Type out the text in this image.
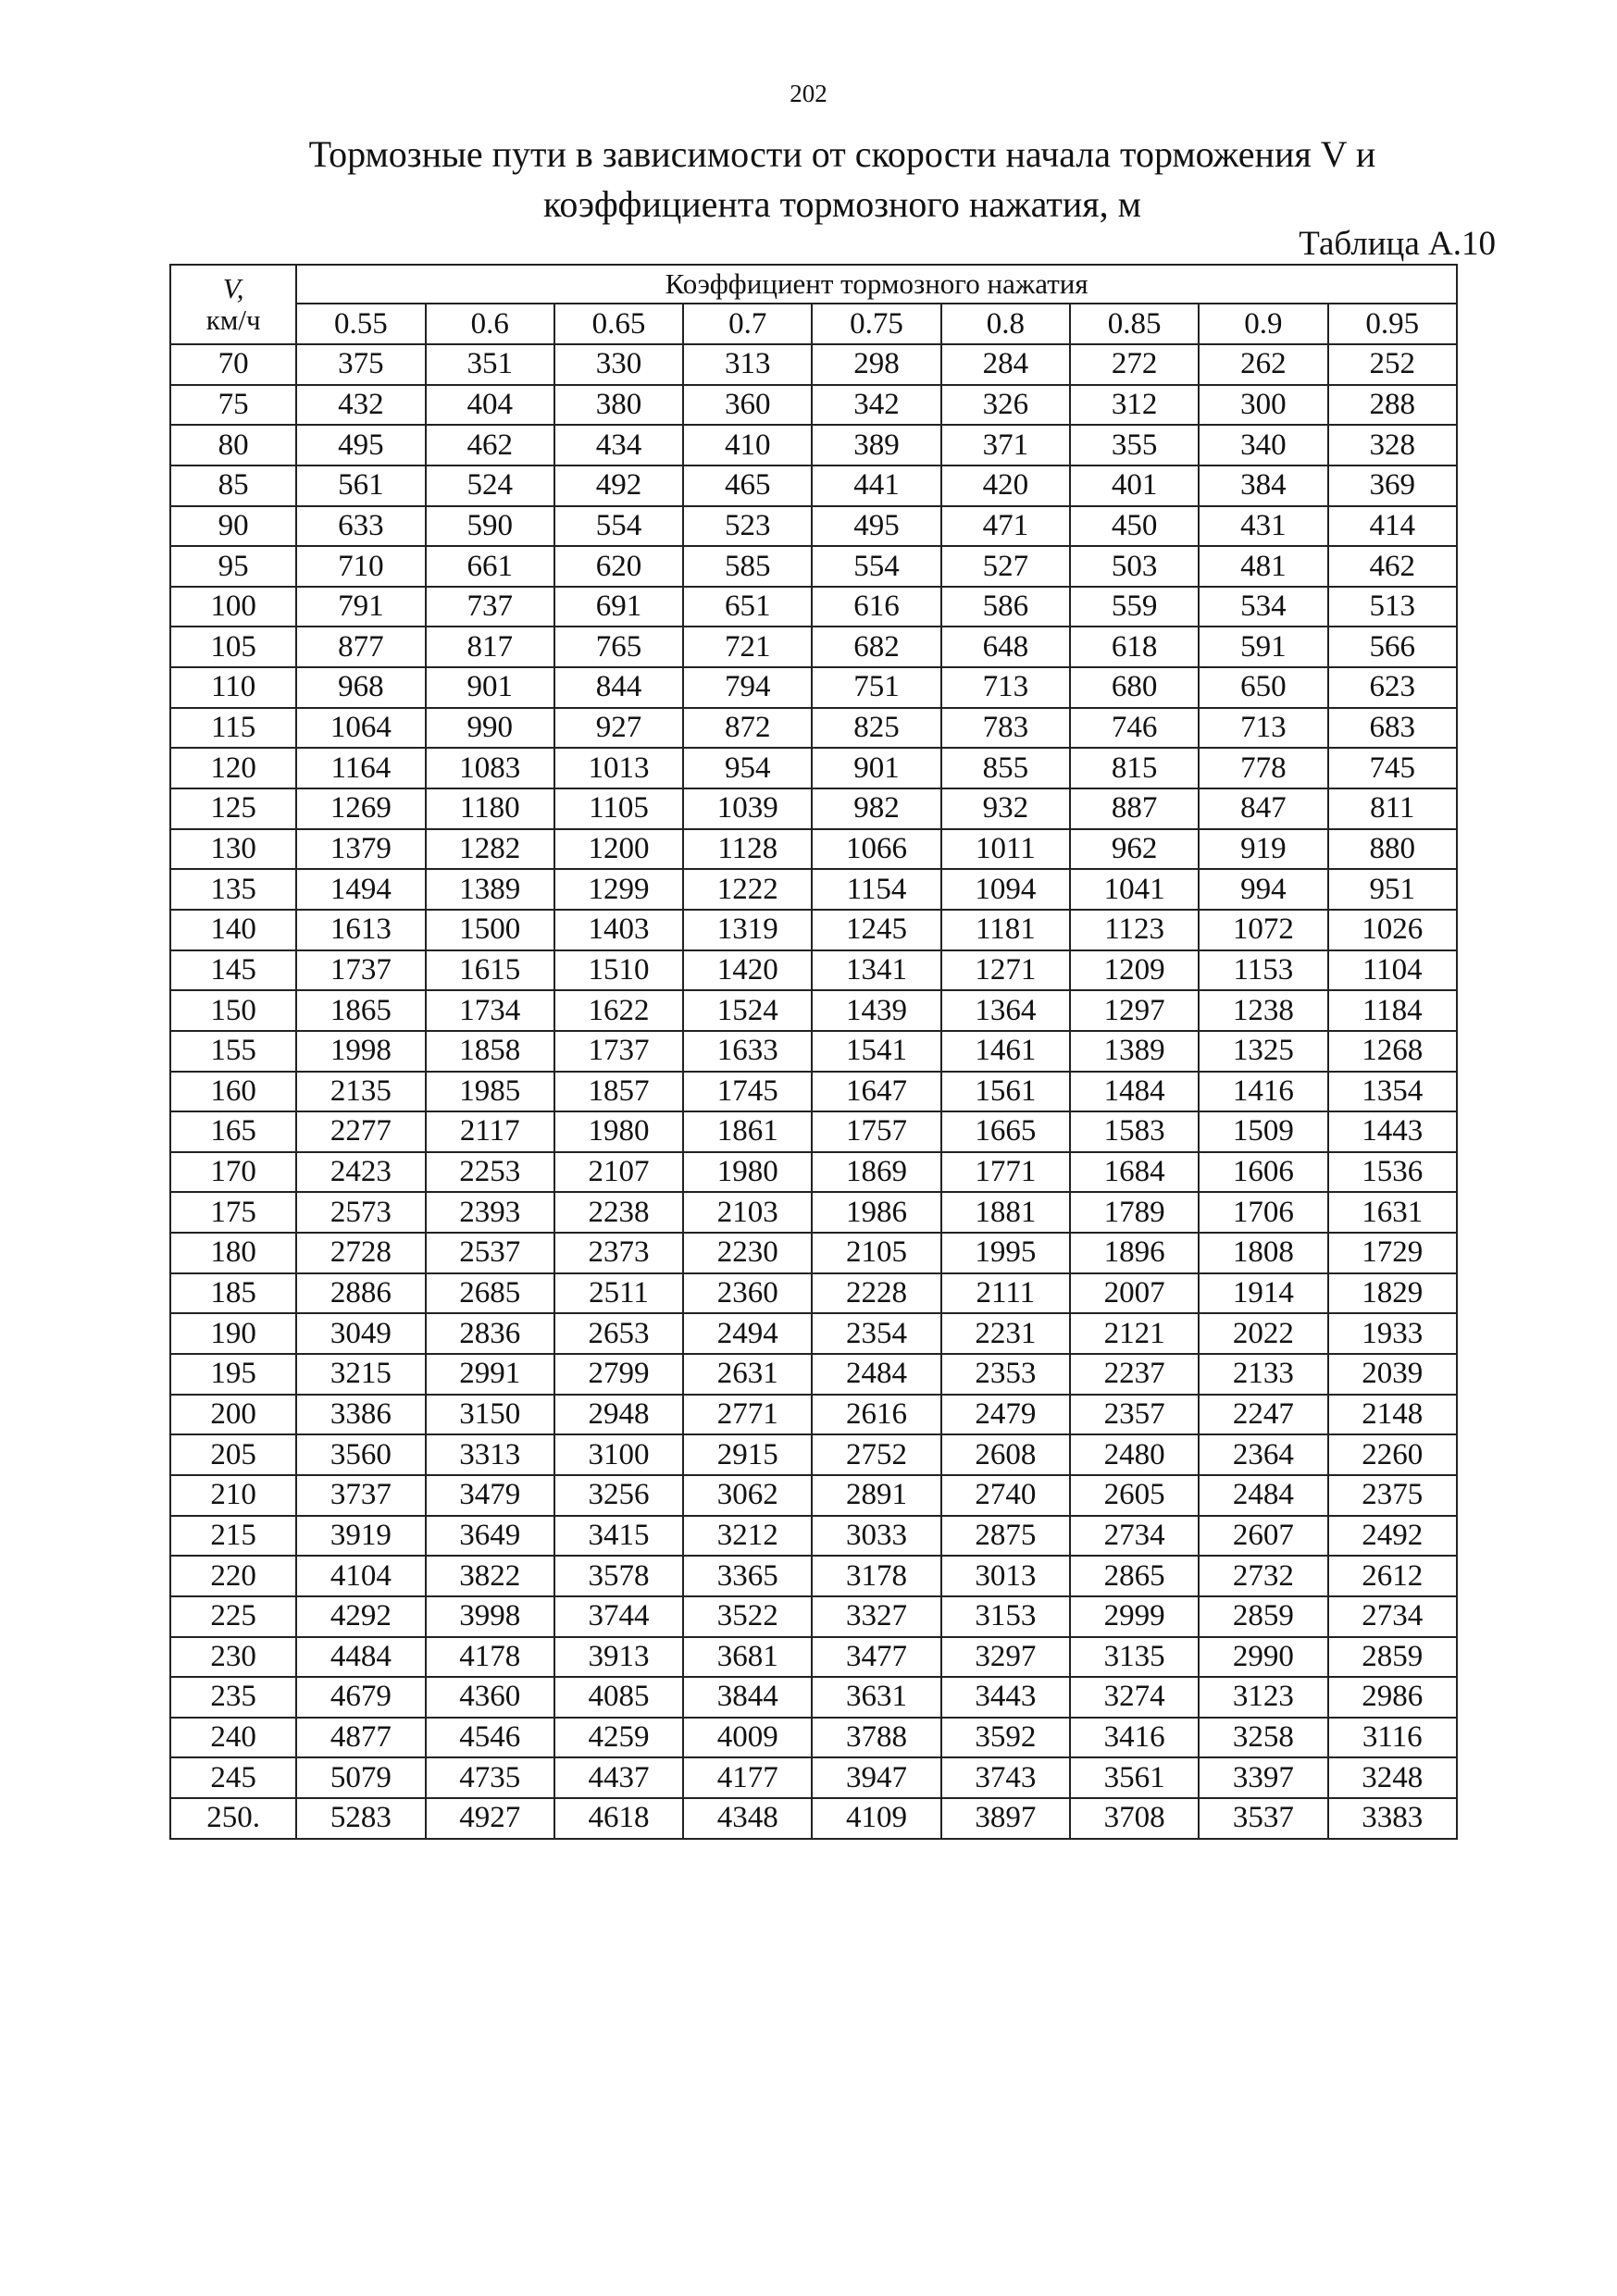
202
Тормозные пути в зависимости от скорости начала торможения V и
коэффициента тормозного нажатия, м
Таблица А.10
V,
км/ч	Коэффициент тормозного нажатия								
	0.55	0.6	0.65	0.7	0.75	0.8	0.85	0.9	0.95
70	375	351	330	313	298	284	272	262	252
75	432	404	380	360	342	326	312	300	288
80	495	462	434	410	389	371	355	340	328
85	561	524	492	465	441	420	401	384	369
90	633	590	554	523	495	471	450	431	414
95	710	661	620	585	554	527	503	481	462
100	791	737	691	651	616	586	559	534	513
105	877	817	765	721	682	648	618	591	566
110	968	901	844	794	751	713	680	650	623
115	1064	990	927	872	825	783	746	713	683
120	1164	1083	1013	954	901	855	815	778	745
125	1269	1180	1105	1039	982	932	887	847	811
130	1379	1282	1200	1128	1066	1011	962	919	880
135	1494	1389	1299	1222	1154	1094	1041	994	951
140	1613	1500	1403	1319	1245	1181	1123	1072	1026
145	1737	1615	1510	1420	1341	1271	1209	1153	1104
150	1865	1734	1622	1524	1439	1364	1297	1238	1184
155	1998	1858	1737	1633	1541	1461	1389	1325	1268
160	2135	1985	1857	1745	1647	1561	1484	1416	1354
165	2277	2117	1980	1861	1757	1665	1583	1509	1443
170	2423	2253	2107	1980	1869	1771	1684	1606	1536
175	2573	2393	2238	2103	1986	1881	1789	1706	1631
180	2728	2537	2373	2230	2105	1995	1896	1808	1729
185	2886	2685	2511	2360	2228	2111	2007	1914	1829
190	3049	2836	2653	2494	2354	2231	2121	2022	1933
195	3215	2991	2799	2631	2484	2353	2237	2133	2039
200	3386	3150	2948	2771	2616	2479	2357	2247	2148
205	3560	3313	3100	2915	2752	2608	2480	2364	2260
210	3737	3479	3256	3062	2891	2740	2605	2484	2375
215	3919	3649	3415	3212	3033	2875	2734	2607	2492
220	4104	3822	3578	3365	3178	3013	2865	2732	2612
225	4292	3998	3744	3522	3327	3153	2999	2859	2734
230	4484	4178	3913	3681	3477	3297	3135	2990	2859
235	4679	4360	4085	3844	3631	3443	3274	3123	2986
240	4877	4546	4259	4009	3788	3592	3416	3258	3116
245	5079	4735	4437	4177	3947	3743	3561	3397	3248
250.	5283	4927	4618	4348	4109	3897	3708	3537	3383
